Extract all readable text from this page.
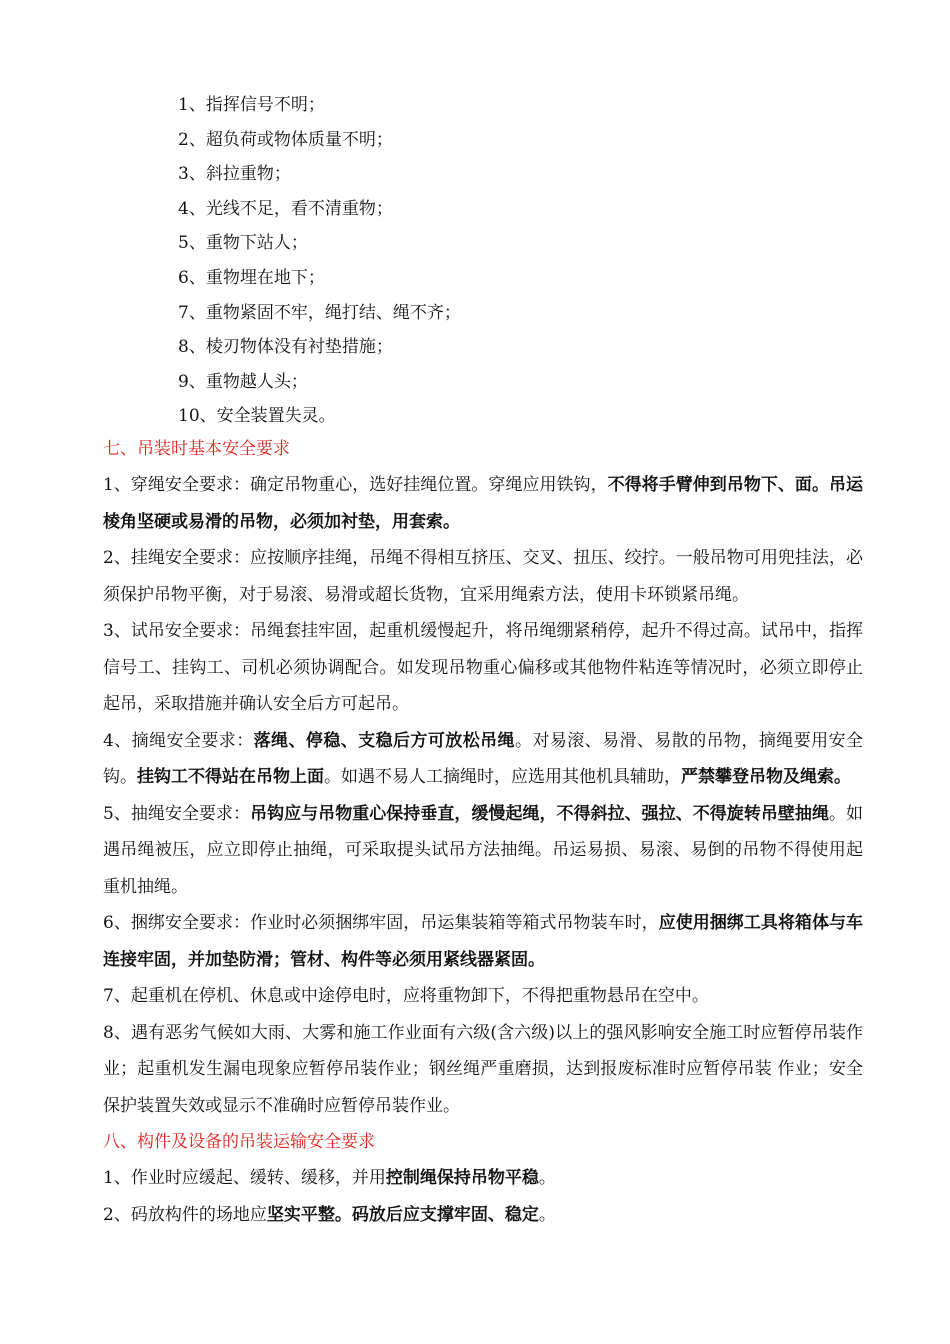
1、指挥信号不明；
2、超负荷或物体质量不明；
3、斜拉重物；
4、光线不足，看不清重物；
5、重物下站人；
6、重物埋在地下；
7、重物紧固不牢，绳打结、绳不齐；
8、棱刃物体没有衬垫措施；
9、重物越人头；
10、安全装置失灵。
七、吊装时基本安全要求
1、穿绳安全要求：确定吊物重心，选好挂绳位置。穿绳应用铁钩，不得将手臂伸到吊物下、面。吊运棱角坚硬或易滑的吊物，必须加衬垫，用套索。
2、挂绳安全要求：应按顺序挂绳，吊绳不得相互挤压、交叉、扭压、绞拧。一般吊物可用兜挂法，必须保护吊物平衡，对于易滚、易滑或超长货物，宜采用绳索方法，使用卡环锁紧吊绳。
3、试吊安全要求：吊绳套挂牢固，起重机缓慢起升，将吊绳绷紧稍停，起升不得过高。试吊中，指挥信号工、挂钩工、司机必须协调配合。如发现吊物重心偏移或其他物件粘连等情况时，必须立即停止起吊，采取措施并确认安全后方可起吊。
4、摘绳安全要求：落绳、停稳、支稳后方可放松吊绳。对易滚、易滑、易散的吊物，摘绳要用安全钩。挂钩工不得站在吊物上面。如遇不易人工摘绳时，应选用其他机具辅助，严禁攀登吊物及绳索。
5、抽绳安全要求：吊钩应与吊物重心保持垂直，缓慢起绳，不得斜拉、强拉、不得旋转吊壁抽绳。如遇吊绳被压，应立即停止抽绳，可采取提头试吊方法抽绳。吊运易损、易滚、易倒的吊物不得使用起重机抽绳。
6、捆绑安全要求：作业时必须捆绑牢固，吊运集装箱等箱式吊物装车时，应使用捆绑工具将箱体与车连接牢固，并加垫防滑；管材、构件等必须用紧线器紧固。
7、起重机在停机、休息或中途停电时，应将重物卸下，不得把重物悬吊在空中。
8、遇有恶劣气候如大雨、大雾和施工作业面有六级(含六级)以上的强风影响安全施工时应暂停吊装作业；起重机发生漏电现象应暂停吊装作业；钢丝绳严重磨损，达到报废标准时应暂停吊装 作业；安全保护装置失效或显示不准确时应暂停吊装作业。
八、构件及设备的吊装运输安全要求
1、作业时应缓起、缓转、缓移，并用控制绳保持吊物平稳。
2、码放构件的场地应坚实平整。码放后应支撑牢固、稳定。
